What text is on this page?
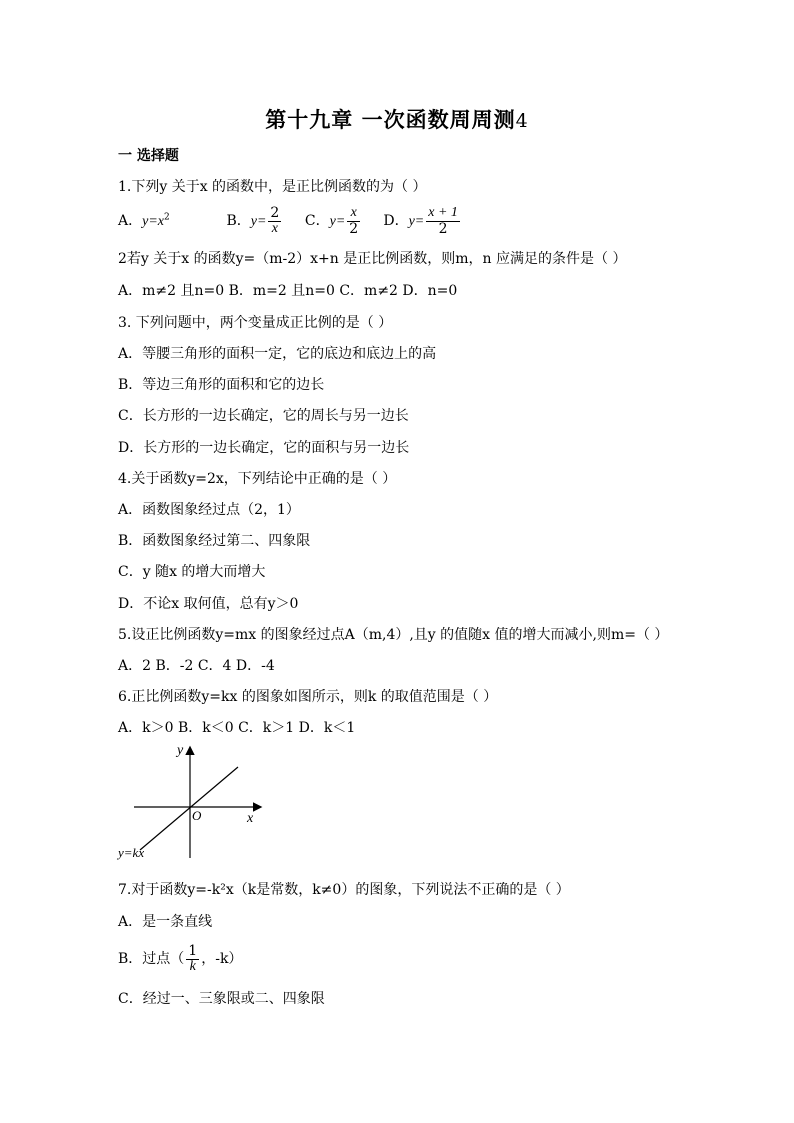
第十九章 一次函数周周测4
一 选择题
1.下列y 关于x 的函数中，是正比例函数的为（ ）
A．$y=x^2$	B．$y= \frac{2}{x}$ C．$y= \frac{x}{2}$ D．$y= \frac{x + 1}{2}$
2若y 关于x 的函数y=（m-2）x+n 是正比例函数，则m，n 应满足的条件是（ ）
A．m≠2 且n=0 B．m=2 且n=0 C．m≠2 D．n=0
3. 下列问题中，两个变量成正比例的是（ ）
A．等腰三角形的面积一定，它的底边和底边上的高
B．等边三角形的面积和它的边长
C．长方形的一边长确定，它的周长与另一边长
D．长方形的一边长确定，它的面积与另一边长
4.关于函数y=2x，下列结论中正确的是（ ）
A．函数图象经过点（2，1）
B．函数图象经过第二、四象限
C．y 随x 的增大而增大
D．不论x 取何值，总有y＞0
5.设正比例函数y=mx 的图象经过点A（m,4）,且y 的值随x 值的增大而减小,则m=（ ）
A．2 B．-2 C．4 D．-4
6.正比例函数y=kx 的图象如图所示，则k 的取值范围是（ ）
A．k＞0 B．k＜0 C．k＞1 D．k＜1
y
x
O
y=kx
7.对于函数y=-k²x（k是常数，k≠0）的图象，下列说法不正确的是（ ）
A．是一条直线
B．过点（ $\frac{1}{k}$ ，-k）
C．经过一、三象限或二、四象限
